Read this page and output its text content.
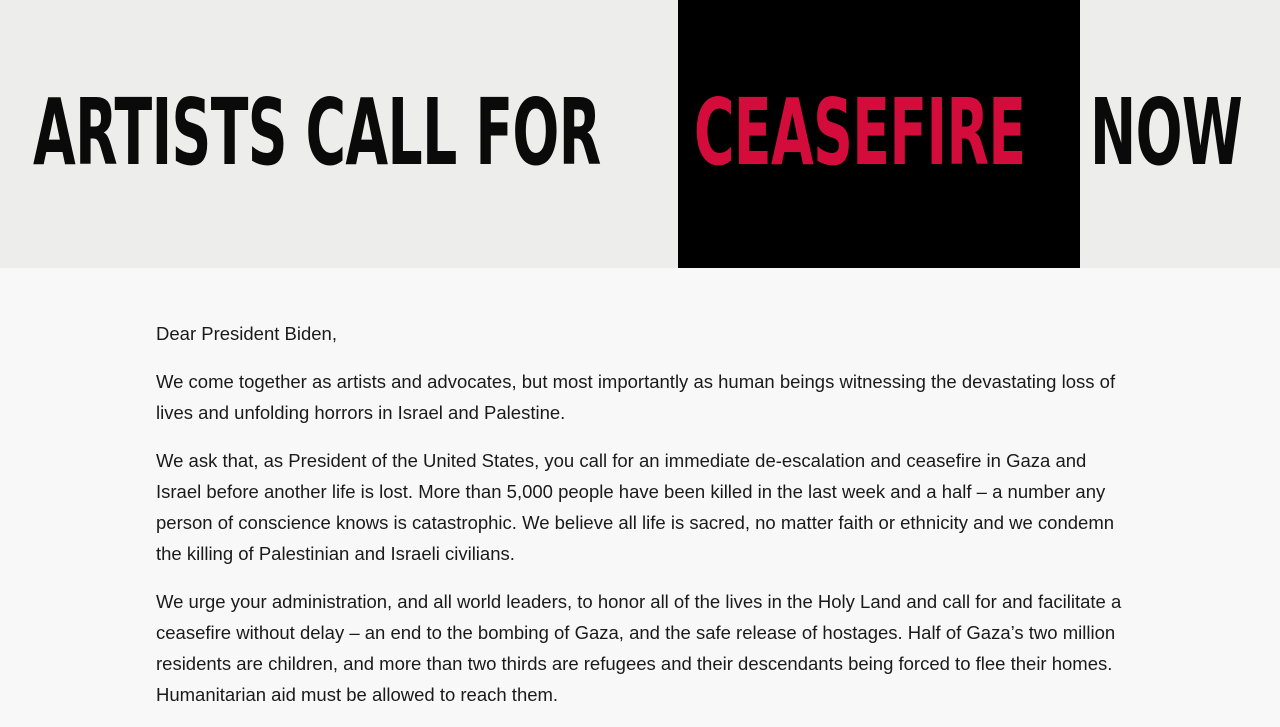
ARTISTS CALL FOR CEASEFIRE NOW

Dear President Biden,

We come together as artists and advocates, but most importantly as human beings witnessing the devastating loss of lives and unfolding horrors in Israel and Palestine.

We ask that, as President of the United States, you call for an immediate de-escalation and ceasefire in Gaza and Israel before another life is lost. More than 5,000 people have been killed in the last week and a half – a number any person of conscience knows is catastrophic. We believe all life is sacred, no matter faith or ethnicity and we condemn the killing of Palestinian and Israeli civilians.

We urge your administration, and all world leaders, to honor all of the lives in the Holy Land and call for and facilitate a ceasefire without delay – an end to the bombing of Gaza, and the safe release of hostages. Half of Gaza’s two million residents are children, and more than two thirds are refugees and their descendants being forced to flee their homes. Humanitarian aid must be allowed to reach them.
